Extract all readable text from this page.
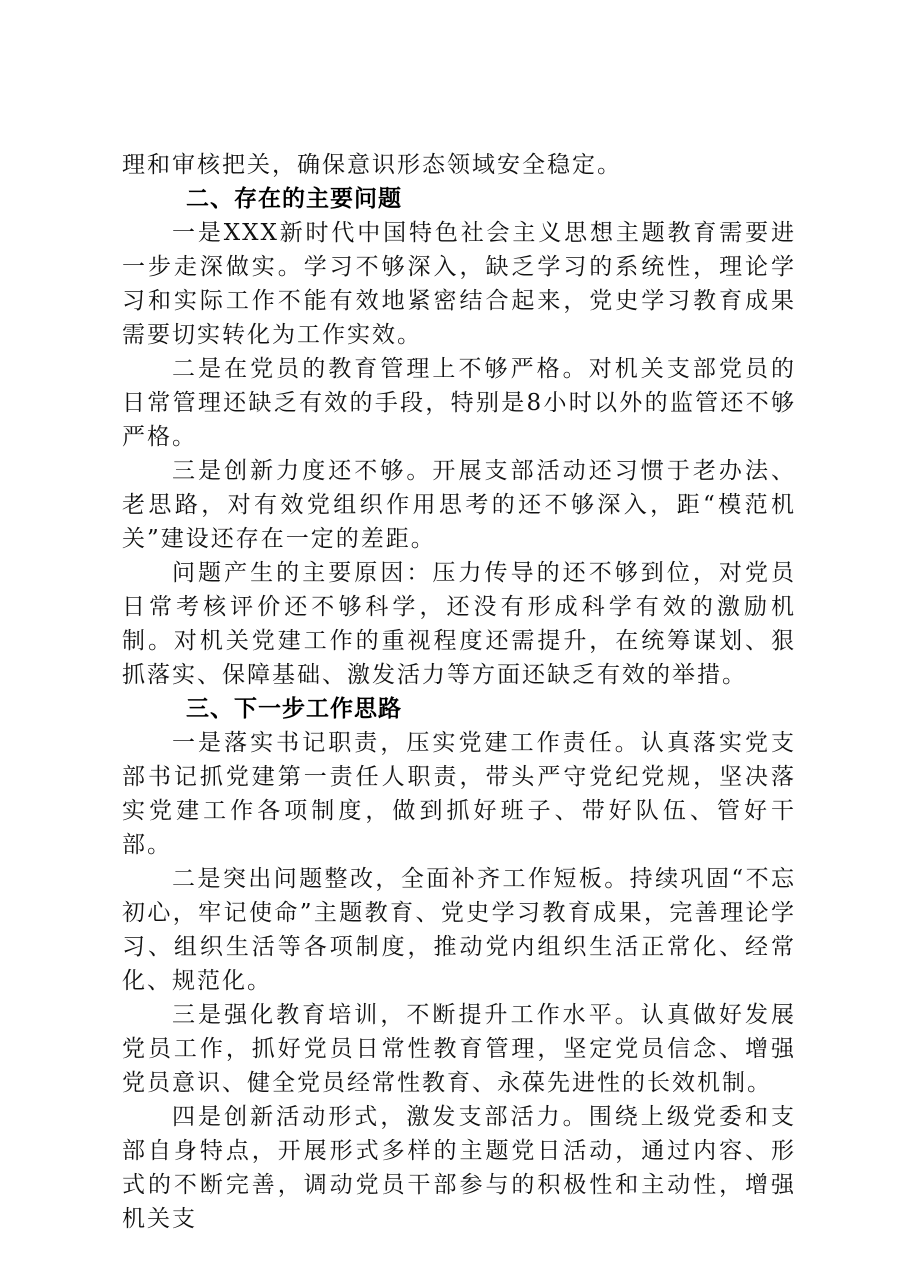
理和审核把关，确保意识形态领域安全稳定。

二、存在的主要问题

一是XXX新时代中国特色社会主义思想主题教育需要进一步走深做实。学习不够深入，缺乏学习的系统性，理论学习和实际工作不能有效地紧密结合起来，党史学习教育成果需要切实转化为工作实效。

二是在党员的教育管理上不够严格。对机关支部党员的日常管理还缺乏有效的手段，特别是8小时以外的监管还不够严格。

三是创新力度还不够。开展支部活动还习惯于老办法、老思路，对有效党组织作用思考的还不够深入，距“模范机关”建设还存在一定的差距。

问题产生的主要原因：压力传导的还不够到位，对党员日常考核评价还不够科学，还没有形成科学有效的激励机制。对机关党建工作的重视程度还需提升，在统筹谋划、狠抓落实、保障基础、激发活力等方面还缺乏有效的举措。

三、下一步工作思路

一是落实书记职责，压实党建工作责任。认真落实党支部书记抓党建第一责任人职责，带头严守党纪党规，坚决落实党建工作各项制度，做到抓好班子、带好队伍、管好干部。

二是突出问题整改，全面补齐工作短板。持续巩固“不忘初心，牢记使命”主题教育、党史学习教育成果，完善理论学习、组织生活等各项制度，推动党内组织生活正常化、经常化、规范化。

三是强化教育培训，不断提升工作水平。认真做好发展党员工作，抓好党员日常性教育管理，坚定党员信念、增强党员意识、健全党员经常性教育、永葆先进性的长效机制。

四是创新活动形式，激发支部活力。围绕上级党委和支部自身特点，开展形式多样的主题党日活动，通过内容、形式的不断完善，调动党员干部参与的积极性和主动性，增强机关支
